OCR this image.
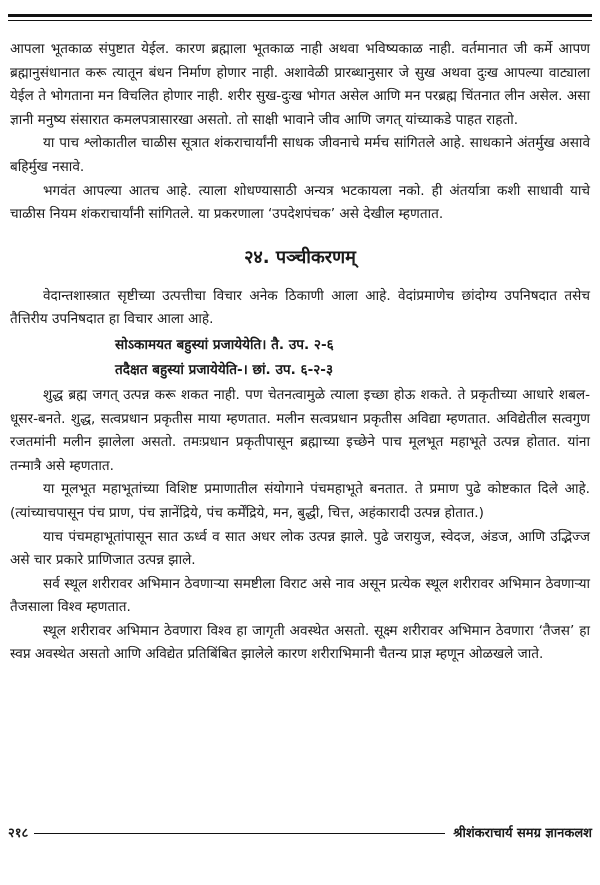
आपला भूतकाळ संपुष्टात येईल. कारण ब्रह्माला भूतकाळ नाही अथवा भविष्यकाळ नाही. वर्तमानात जी कर्मे आपण ब्रह्मानुसंधानात करू त्यातून बंधन निर्माण होणार नाही. अशावेळी प्रारब्धानुसार जे सुख अथवा दुःख आपल्या वाट्याला येईल ते भोगताना मन विचलित होणार नाही. शरीर सुख-दुःख भोगत असेल आणि मन परब्रह्म चिंतनात लीन असेल. असा ज्ञानी मनुष्य संसारात कमलपत्रासारखा असतो. तो साक्षी भावाने जीव आणि जगत् यांच्याकडे पाहत राहतो.

या पाच श्लोकातील चाळीस सूत्रात शंकराचार्यांनी साधक जीवनाचे मर्मच सांगितले आहे. साधकाने अंतर्मुख असावे बहिर्मुख नसावे.

भगवंत आपल्या आतच आहे. त्याला शोधण्यासाठी अन्यत्र भटकायला नको. ही अंतर्यात्रा कशी साधावी याचे चाळीस नियम शंकराचार्यांनी सांगितले. या प्रकरणाला ‘उपदेशपंचक’ असे देखील म्हणतात.

२४. पञ्चीकरणम्

वेदान्तशास्त्रात सृष्टीच्या उत्पत्तीचा विचार अनेक ठिकाणी आला आहे. वेदांप्रमाणेच छांदोग्य उपनिषदात तसेच तैत्तिरीय उपनिषदात हा विचार आला आहे.

सोऽकामयत बहुस्यां प्रजायेयेति। तै. उप. २-६

तदैक्षत बहुस्यां प्रजायेयेति-। छां. उप. ६-२-३

शुद्ध ब्रह्म जगत् उत्पन्न करू शकत नाही. पण चेतनत्वामुळे त्याला इच्छा होऊ शकते. ते प्रकृतीच्या आधारे शबल-धूसर-बनते. शुद्ध, सत्वप्रधान प्रकृतीस माया म्हणतात. मलीन सत्वप्रधान प्रकृतीस अविद्या म्हणतात. अविद्येतील सत्वगुण रजतमांनी मलीन झालेला असतो. तमःप्रधान प्रकृतीपासून ब्रह्माच्या इच्छेने पाच मूलभूत महाभूते उत्पन्न होतात. यांना तन्मात्रै असे म्हणतात.

या मूलभूत महाभूतांच्या विशिष्ट प्रमाणातील संयोगाने पंचमहाभूते बनतात. ते प्रमाण पुढे कोष्टकात दिले आहे. (त्यांच्याचपासून पंच प्राण, पंच ज्ञानेंद्रिये, पंच कर्मेंद्रिये, मन, बुद्धी, चित्त, अहंकारादी उत्पन्न होतात.)

याच पंचमहाभूतांपासून सात ऊर्ध्व व सात अधर लोक उत्पन्न झाले. पुढे जरायुज, स्वेदज, अंडज, आणि उद्भिज्ज असे चार प्रकारे प्राणिजात उत्पन्न झाले.

सर्व स्थूल शरीरावर अभिमान ठेवणाऱ्या समष्टीला विराट असे नाव असून प्रत्येक स्थूल शरीरावर अभिमान ठेवणाऱ्या तैजसाला विश्व म्हणतात.

स्थूल शरीरावर अभिमान ठेवणारा विश्व हा जागृती अवस्थेत असतो. सूक्ष्म शरीरावर अभिमान ठेवणारा ‘तैजस’ हा स्वप्न अवस्थेत असतो आणि अविद्येत प्रतिबिंबित झालेले कारण शरीराभिमानी चैतन्य प्राज्ञ म्हणून ओळखले जाते.

२१८	श्रीशंकराचार्य समग्र ज्ञानकलश
